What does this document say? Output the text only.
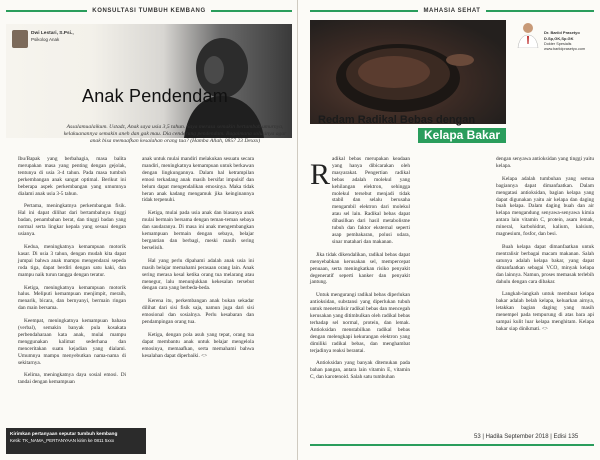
KONSULTASI TUMBUH KEMBANG
Dwi Lestari, S.Psi.,
Psikolog Anak
Anak Pendendam

Assalamualaikum. Ustadz, Anak saya usia 3,5 tahun. Saya merasa semakin bertambah umurnya, kelakuanannya semakin aneh dan gak mau. Dia cenderung pendendam. Bagaimana solusinya agar anak bisa memaafkan kesalahan orang tua? (Hamba Allah, 0857 23 Dexxx)

Ibu/Bapak yang berbahagia, masa balita merupakan masa yang penting dengan gejolak, tentunya di usia 3-4 tahun. Pada masa tumbuh perkembangan anak sangat optimal. Berikut ini beberapa aspek perkembangan yang umumnya dialami anak usia 3-5 tahun.

Pertama, meningkatnya perkembangan fisik. Hal ini dapat dilihat dari bertambahnya tinggi badan, penambahan berat, dan tinggi badan yang normal serta lingkar kepala yang sesuai dengan usianya.

Kedua, meningkatnya kemampuan motorik kasar. Di usia 3 tahun, dengan mudah kita dapat jumpai bahwa anak mampu mengendarai sepeda roda tiga, dapat berdiri dengan satu kaki, dan mampu naik turun tangga dengan teratur.

Ketiga, meningkatnya kemampuan motorik halus. Meliputi kemampuan menjimpit, meraih, menarik, bicara, dan bernyanyi, bermain ringan dan main bersama.

Keempat, meningkatnya kemampuan bahasa (verbal), semakin banyak pula kosakata perbendaharaan kata anak, mulai mampu menggunakan kalimat sederhana dan menceritakan suatu kejadian yang dialami. Umumnya mampu menyebutkan nama-nama di sekitarnya.

Kelima, meningkatnya daya sosial emosi. Di tandai dengan kemampuan

anak untuk mulai mandiri melakukan sesuatu secara mandiri, meningkatnya kemampuan untuk berkawan dengan lingkungannya. Dalam hal ketrampilan emosi terkadang anak masih bersifat impulsif dan belum dapat mengendalikan emosinya. Maka tidak heran anak kadang mengamuk jika keinginannya tidak terpenuhi.

Ketiga, mulai pada usia anak dan biasanya anak mulai bermain bersama dengan teman-teman sebaya dan saudaranya. Di masa ini anak mengembangkan kemampuan bermain dengan sebaya, belajar bergantian dan berbagi, meski masih sering berselisih.

Hal yang perlu dipahami adalah anak usia ini masih belajar memahami perasaan orang lain. Anak sering merasa kesal ketika orang tua melarang atau menegur, lalu menunjukkan kekesalan tersebut dengan cara yang berbeda-beda.

Kerena itu, perkembangan anak bukan sekadar dilihat dari sisi fisik saja, namun juga dari sisi emosional dan sosialnya. Perlu kesabaran dan pendampingan orang tua.

Ketiga, dengan pola asuh yang tepat, orang tua dapat membantu anak untuk belajar mengelola emosinya, memaafkan, serta memahami bahwa kesalahan dapat diperbaiki. <>

Kirimkan pertanyaan seputar tumbuh kembang
Ketik: TK_NAMA_PERTANYAAN kirim ke 0811 5xxx
MAHASIA SEHAT
Dr. Bariid Prasetyo D.Sp,GK,Sp.GK
Dokter Spesialis
www.bariidprasetyo.com
Redam Radikal Bebas dengan
Kelapa Bakar
R adikal bebas merupakan keadaan yang hanya dibicarakan oleh masyarakat. Pengertian radikal bebas adalah molekul yang kehilangan elektron, sehingga molekul tersebut menjadi tidak stabil dan selalu berusaha mengambil elektron dari molekul atau sel lain. Radikal bebas dapat dihasilkan dari hasil metabolisme tubuh dan faktor eksternal seperti asap pembakaran, polusi udara, sinar matahari dan makanan.

Jika tidak dikendalikan, radikal bebas dapat menyebabkan kerusakan sel, mempercepat penuaan, serta meningkatkan risiko penyakit degeneratif seperti kanker dan penyakit jantung.

Untuk mengurangi radikal bebas diperlukan antioksidan, substansi yang diperlukan tubuh untuk menetralisir radikal bebas dan mencegah kerusakan yang ditimbulkan oleh radikal bebas terhadap sel normal, protein, dan lemak. Antioksidan menstabilkan radikal bebas dengan melengkapi kekurangan elektron yang dimiliki radikal bebas, dan menghambat terjadinya reaksi berantai.

Antioksidan yang banyak ditemukan pada bahan pangan, antara lain vitamin E, vitamin C, dan karotenoid. Salah satu tumbuhan

dengan senyawa antioksidan yang tinggi yaitu kelapa.

Kelapa adalah tumbuhan yang semua bagiannya dapat dimanfaatkan. Dalam mengatasi antioksidan, bagian kelapa yang dapat digunakan yaitu air kelapa dan daging buah kelapa. Dalam daging buah dan air kelapa mengandung senyawa-senyawa kimia antara lain vitamin C, protein, asam lemak, mineral, karbohidrat, kalium, kalsium, magnesium, fosfor, dan besi.

Buah kelapa dapat dimanfaatkan untuk mentralisir berbagai macam makanan. Salah satunya adalah kelapa bakar, yang dapat dimanfaatkan sebagai VCO, minyak kelapa dan lainnya. Namun, proses memasak terlebih dahulu dengan cara dibakar.

Langkah-langkah untuk membuat kelapa bakar adalah belah kelapa, keluarkan airnya, letakkan bagian daging yang masih menempel pada tempurung di atas bara api sampai kulit luar kelapa menghitam. Kelapa bakar siap dinikmati. <>

53 | Hadila September 2018 | Edisi 135
